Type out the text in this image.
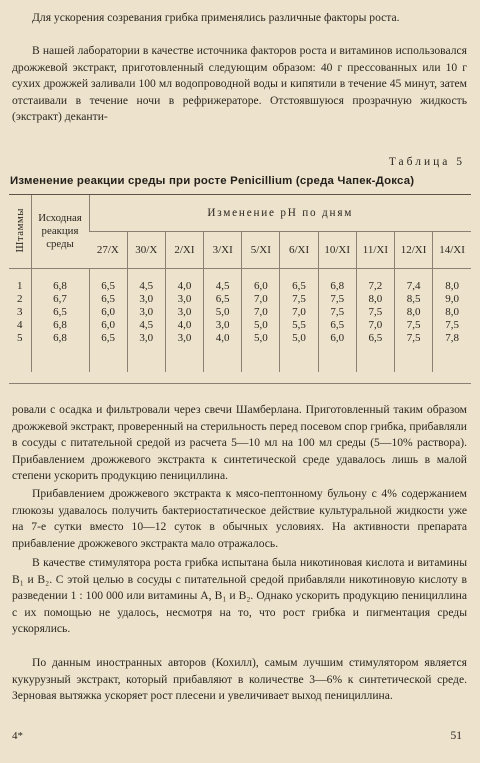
Для ускорения созревания грибка применялись различные факторы роста.

В нашей лаборатории в качестве источника факторов роста и витаминов использовался дрожжевой экстракт, приготовленный следующим образом: 40 г прессованных или 10 г сухих дрожжей заливали 100 мл водопроводной воды и кипятили в течение 45 минут, затем отстаивали в течение ночи в рефрижераторе. Отстоявшуюся прозрачную жидкость (экстракт) деканти-

Таблица 5
Изменение реакции среды при росте Penicillium (среда Чапек-Докса)
Штаммы	Исходная реакция среды	Изменение pH по дням									
		27/X	30/X	2/XI	3/XI	5/XI	6/XI	10/XI	11/XI	12/XI	14/XI

1	6,8	6,5	4,5	4,0	4,5	6,0	6,5	6,8	7,2	7,4	8,0
2	6,7	6,5	3,0	3,0	6,5	7,0	7,5	7,5	8,0	8,5	9,0
3	6,5	6,0	3,0	3,0	5,0	7,0	7,0	7,5	7,5	8,0	8,0
4	6,8	6,0	4,5	4,0	3,0	5,0	5,5	6,5	7,0	7,5	7,5
5	6,8	6,5	3,0	3,0	4,0	5,0	5,0	6,0	6,5	7,5	7,8

ровали с осадка и фильтровали через свечи Шамберлана. Приготовленный таким образом дрожжевой экстракт, проверенный на стерильность перед посевом спор грибка, прибавляли в сосуды с питательной средой из расчета 5—10 мл на 100 мл среды (5—10% раствора). Прибавлением дрожжевого экстракта к синтетической среде удавалось лишь в малой степени ускорить продукцию пенициллина.

Прибавлением дрожжевого экстракта к мясо-пептонному бульону с 4% содержанием глюкозы удавалось получить бактериостатическое действие культуральной жидкости уже на 7-е сутки вместо 10—12 суток в обычных условиях. На активности препарата прибавление дрожжевого экстракта мало отражалось.

В качестве стимулятора роста грибка испытана была никотиновая кислота и витамины B₁ и B₂. С этой целью в сосуды с питательной средой прибавляли никотиновую кислоту в разведении 1 : 100 000 или витамины A, B₁ и B₂. Однако ускорить продукцию пенициллина с их помощью не удалось, несмотря на то, что рост грибка и пигментация среды ускорялись.

По данным иностранных авторов (Кохилл), самым лучшим стимулятором является кукурузный экстракт, который прибавляют в количестве 3—6% к синтетической среде. Зерновая вытяжка ускоряет рост плесени и увеличивает выход пенициллина.

4*	51
